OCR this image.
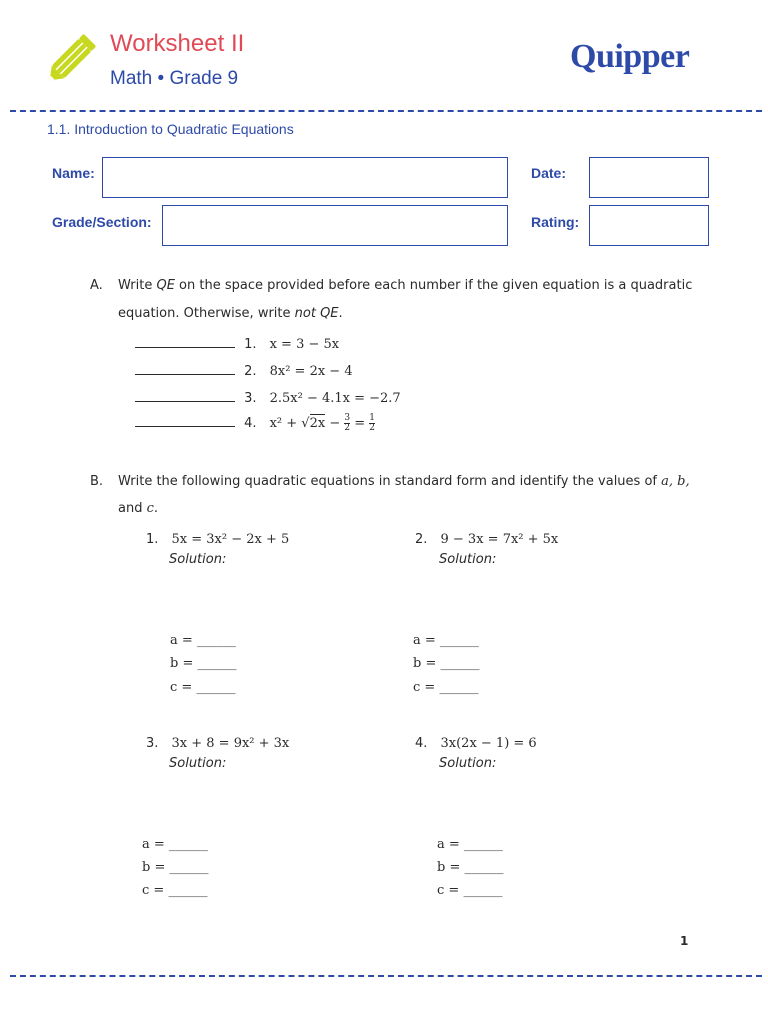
Worksheet II
Math • Grade 9
Quipper
1.1. Introduction to Quadratic Equations
Name:	Date:
Grade/Section:	Rating:
A. Write QE on the space provided before each number if the given equation is a quadratic
equation. Otherwise, write not QE.
1. x = 3 − 5x
2. 8x² = 2x − 4
3. 2.5x² − 4.1x = −2.7
4. $x^2 + √2x - \frac{3}{2} = \frac{1}{2}$
B. Write the following quadratic equations in standard form and identify the values of a, b,
and c.
1. 5x = 3x² − 2x + 5
Solution:
a = ______
b = ______
c = ______
2. 9 − 3x = 7x² + 5x
Solution:
a = ______
b = ______
c = ______
3. 3x + 8 = 9x² + 3x
Solution:
a = ______
b = ______
c = ______
4. 3x(2x − 1) = 6
Solution:
a = ______
b = ______
c = ______
1
